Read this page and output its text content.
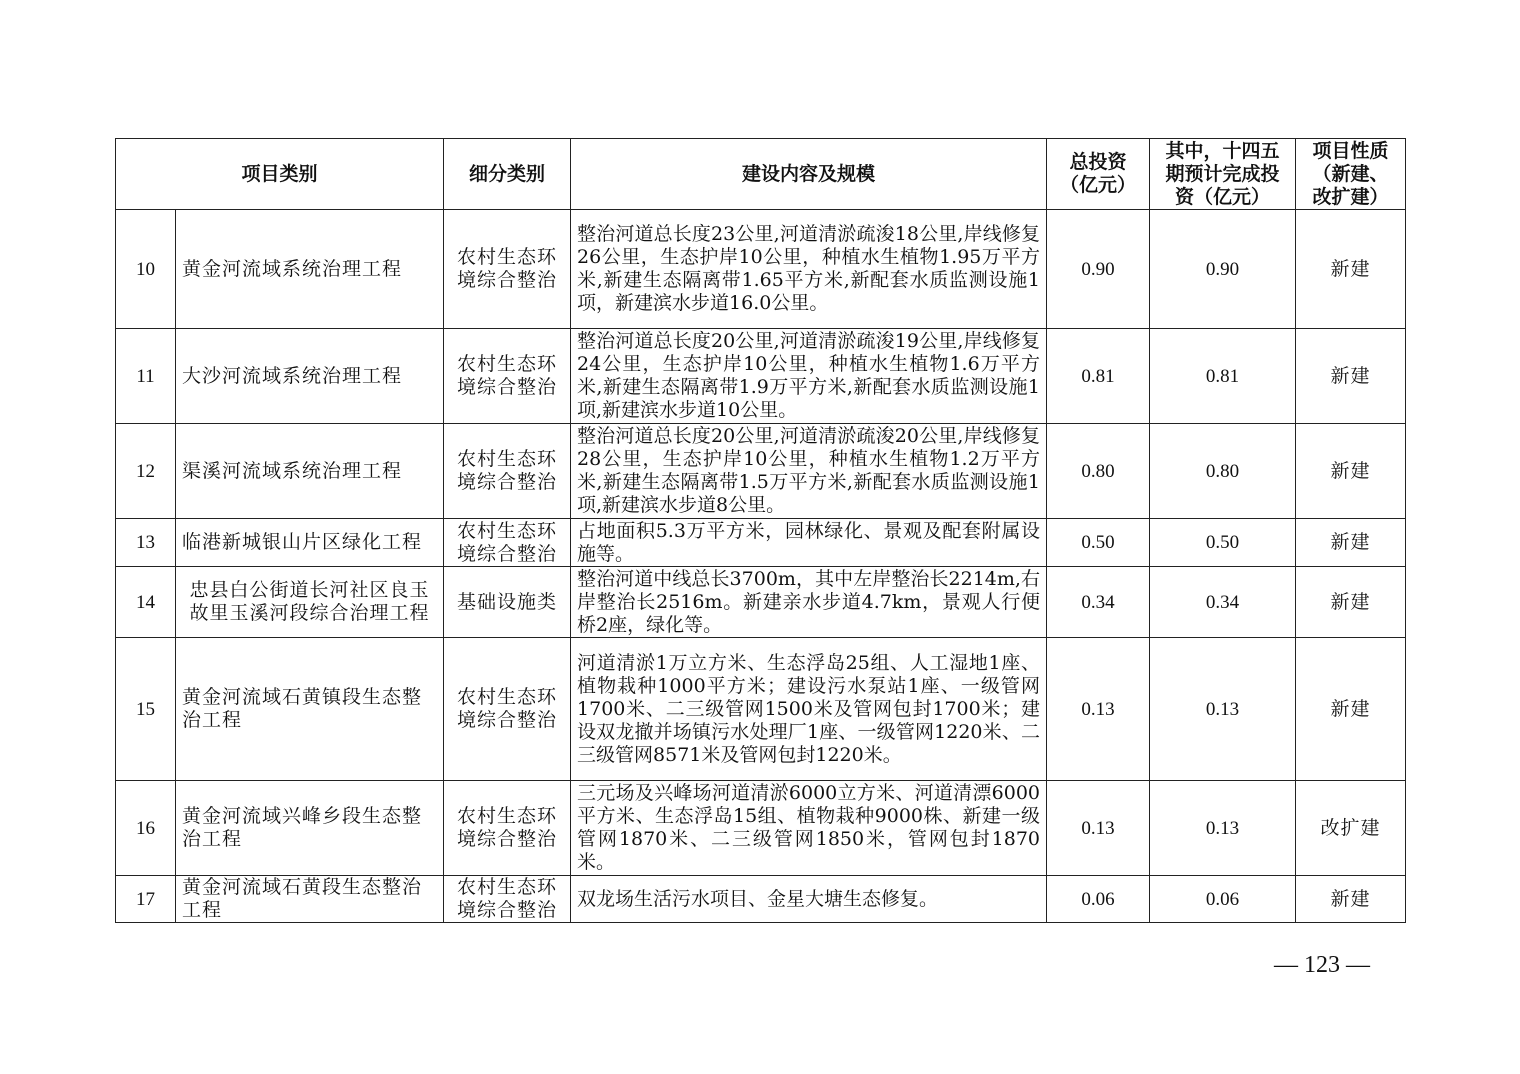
项目类别		细分类别	建设内容及规模	总投资（亿元）	其中，十四五期预计完成投资（亿元）	项目性质（新建、改扩建）
10	黄金河流域系统治理工程	农村生态环境综合整治	整治河道总长度23公里,河道清淤疏浚18公里,岸线修复26公里，生态护岸10公里，种植水生植物1.95万平方米,新建生态隔离带1.65平方米,新配套水质监测设施1项，新建滨水步道16.0公里。	0.90	0.90	新建
11	大沙河流域系统治理工程	农村生态环境综合整治	整治河道总长度20公里,河道清淤疏浚19公里,岸线修复24公里，生态护岸10公里，种植水生植物1.6万平方米,新建生态隔离带1.9万平方米,新配套水质监测设施1项,新建滨水步道10公里。	0.81	0.81	新建
12	渠溪河流域系统治理工程	农村生态环境综合整治	整治河道总长度20公里,河道清淤疏浚20公里,岸线修复28公里，生态护岸10公里，种植水生植物1.2万平方米,新建生态隔离带1.5万平方米,新配套水质监测设施1项,新建滨水步道8公里。	0.80	0.80	新建
13	临港新城银山片区绿化工程	农村生态环境综合整治	占地面积5.3万平方米，园林绿化、景观及配套附属设施等。	0.50	0.50	新建
14	忠县白公街道长河社区良玉故里玉溪河段综合治理工程	基础设施类	整治河道中线总长3700m，其中左岸整治长2214m,右岸整治长2516m。新建亲水步道4.7km，景观人行便桥2座，绿化等。	0.34	0.34	新建
15	黄金河流域石黄镇段生态整治工程	农村生态环境综合整治	河道清淤1万立方米、生态浮岛25组、人工湿地1座、植物栽种1000平方米；建设污水泵站1座、一级管网1700米、二三级管网1500米及管网包封1700米；建设双龙撤并场镇污水处理厂1座、一级管网1220米、二三级管网8571米及管网包封1220米。	0.13	0.13	新建
16	黄金河流域兴峰乡段生态整治工程	农村生态环境综合整治	三元场及兴峰场河道清淤6000立方米、河道清漂6000平方米、生态浮岛15组、植物栽种9000株、新建一级管网1870米、二三级管网1850米，管网包封1870米。	0.13	0.13	改扩建
17	黄金河流域石黄段生态整治工程	农村生态环境综合整治	双龙场生活污水项目、金星大塘生态修复。	0.06	0.06	新建
— 123 —
